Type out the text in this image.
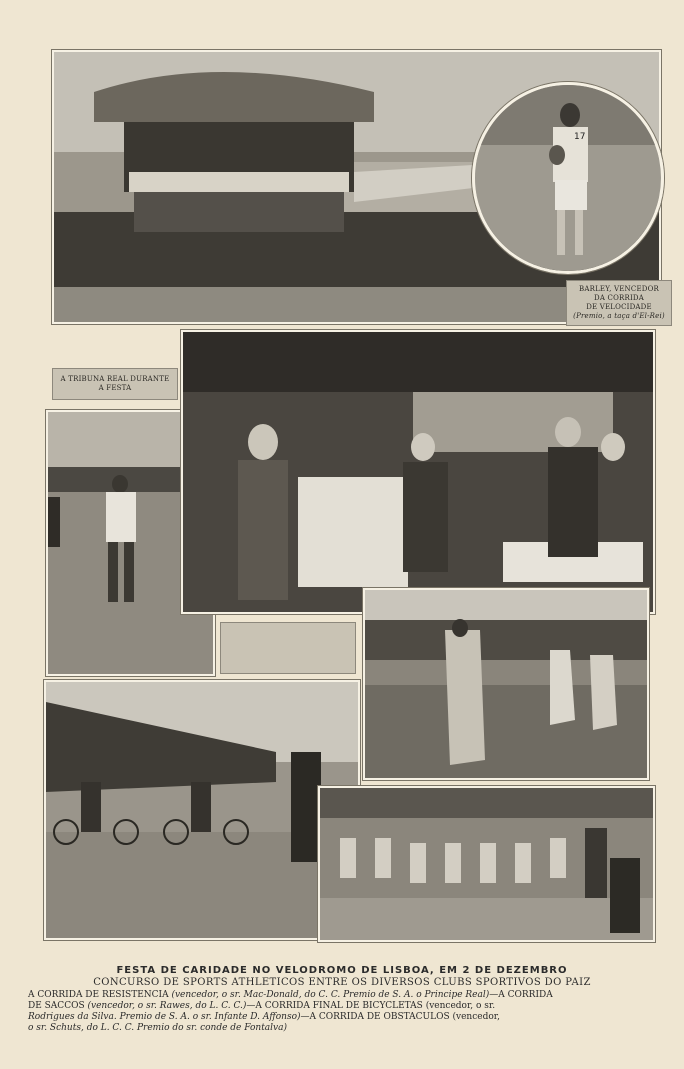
17
BARLEY, VENCEDOR
DA CORRIDA
DE VELOCIDADE
(Premio, a taça d'El-Rei)
A TRIBUNA REAL DURANTE
A FESTA
FESTA DE CARIDADE NO VELODROMO DE LISBOA, EM 2 DE DEZEMBRO
CONCURSO DE SPORTS ATHLETICOS ENTRE OS DIVERSOS CLUBS SPORTIVOS DO PAIZ
A CORRIDA DE RESISTENCIA (vencedor, o sr. Mac-Donald, do C. C. Premio de S. A. o Principe Real)—A CORRIDA
DE SACCOS (vencedor, o sr. Rawes, do L. C. C.)—A CORRIDA FINAL DE BICYCLETAS (vencedor, o sr.
Rodrigues da Silva. Premio de S. A. o sr. Infante D. Affonso)—A CORRIDA DE OBSTACULOS (vencedor,
o sr. Schuts, do L. C. C. Premio do sr. conde de Fontalva)
